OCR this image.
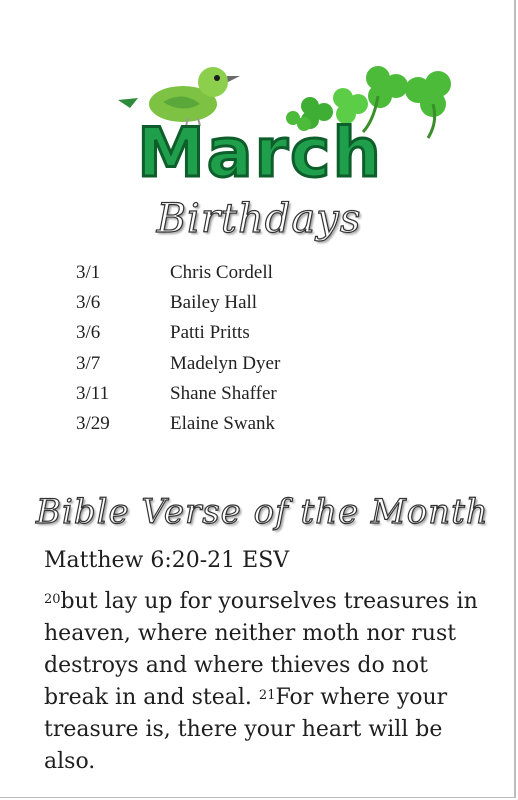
March
Birthdays
3/1	Chris Cordell
3/6	Bailey Hall
3/6	Patti Pritts
3/7	Madelyn Dyer
3/11	Shane Shaffer
3/29	Elaine Swank
Bible Verse of the Month
Matthew 6:20-21 ESV
$^{20}$but lay up for yourselves treasures in heaven, where neither moth nor rust destroys and where thieves do not break in and steal. $^{21}$For where your treasure is, there your heart will be also.
